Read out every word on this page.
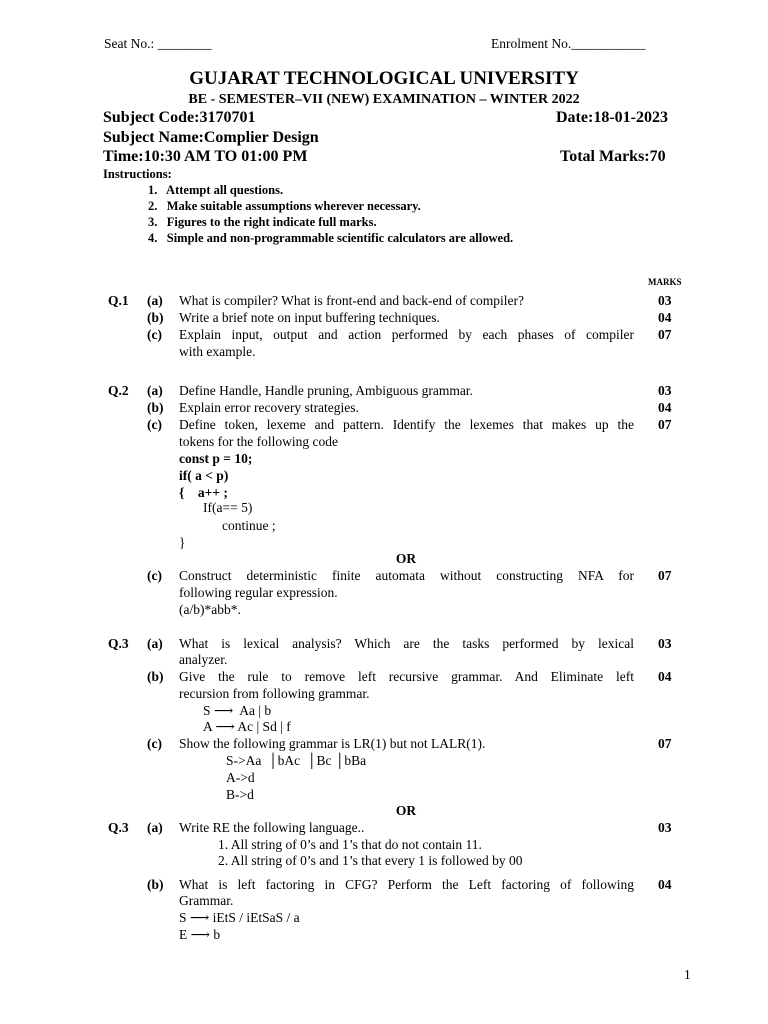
Seat No.: ________	Enrolment No.___________
GUJARAT TECHNOLOGICAL UNIVERSITY
BE - SEMESTER–VII (NEW) EXAMINATION – WINTER 2022
Subject Code:3170701	Date:18-01-2023
Subject Name:Complier Design
Time:10:30 AM TO 01:00 PM	Total Marks:70
Instructions:
1.   Attempt all questions.
2.   Make suitable assumptions wherever necessary.
3.   Figures to the right indicate full marks.
4.   Simple and non-programmable scientific calculators are allowed.
MARKS
Q.1 (a) What is compiler? What is front-end and back-end of compiler?	03
(b) Write a brief note on input buffering techniques.	04
(c) Explain input, output and action performed by each phases of compiler
with example.
07
Q.2 (a) Define Handle, Handle pruning, Ambiguous grammar.	03
(b) Explain error recovery strategies.	04
(c) Define token, lexeme and pattern. Identify the lexemes that makes up the
tokens for the following code
07
const p = 10;
if( a < p)
{    a++ ;
If(a== 5)
continue ;
}
OR
(c) Construct deterministic finite automata without constructing NFA for
following regular expression.
(a/b)*abb*.
07
Q.3 (a) What is lexical analysis? Which are the tasks performed by lexical
analyzer.
03
(b) Give the rule to remove left recursive grammar. And Eliminate left
recursion from following grammar.
S ⟶  Aa | b
A ⟶ Ac | Sd | f
04
(c) Show the following grammar is LR(1) but not LALR(1).
S->Aa  │bAc  │Bc │bBa
A->d
B->d
07
OR
Q.3 (a) Write RE the following language..
1. All string of 0’s and 1’s that do not contain 11.
2. All string of 0’s and 1’s that every 1 is followed by 00
03
(b) What is left factoring in CFG? Perform the Left factoring of following
Grammar.
S ⟶ iEtS / iEtSaS / a
E ⟶ b
04
1
